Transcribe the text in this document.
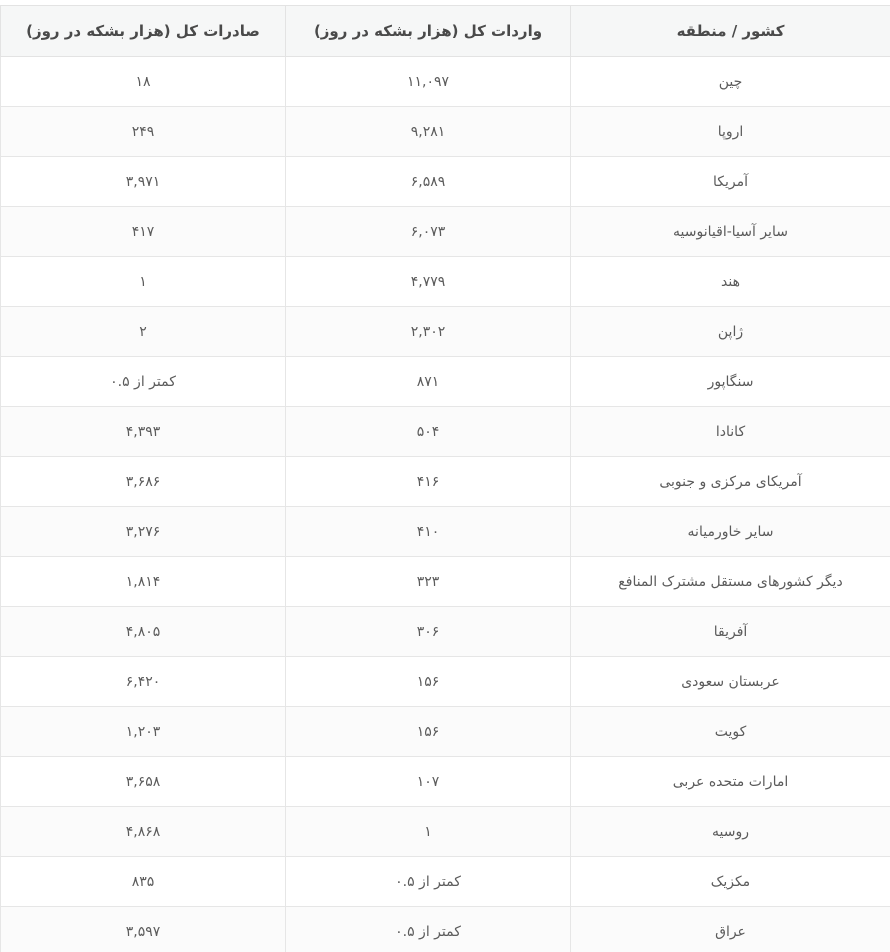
کشور / منطقه	واردات کل (هزار بشکه در روز)	صادرات کل (هزار بشکه در روز)
چین	۱۱,۰۹۷	۱۸
اروپا	۹,۲۸۱	۲۴۹
آمریکا	۶,۵۸۹	۳,۹۷۱
سایر آسیا-اقیانوسیه	۶,۰۷۳	۴۱۷
هند	۴,۷۷۹	۱
ژاپن	۲,۳۰۲	۲
سنگاپور	۸۷۱	کمتر از ۰.۵
کانادا	۵۰۴	۴,۳۹۳
آمریکای مرکزی و جنوبی	۴۱۶	۳,۶۸۶
سایر خاورمیانه	۴۱۰	۳,۲۷۶
دیگر کشورهای مستقل مشترک المنافع	۳۲۳	۱,۸۱۴
آفریقا	۳۰۶	۴,۸۰۵
عربستان سعودی	۱۵۶	۶,۴۲۰
کویت	۱۵۶	۱,۲۰۳
امارات متحده عربی	۱۰۷	۳,۶۵۸
روسیه	۱	۴,۸۶۸
مکزیک	کمتر از ۰.۵	۸۳۵
عراق	کمتر از ۰.۵	۳,۵۹۷
